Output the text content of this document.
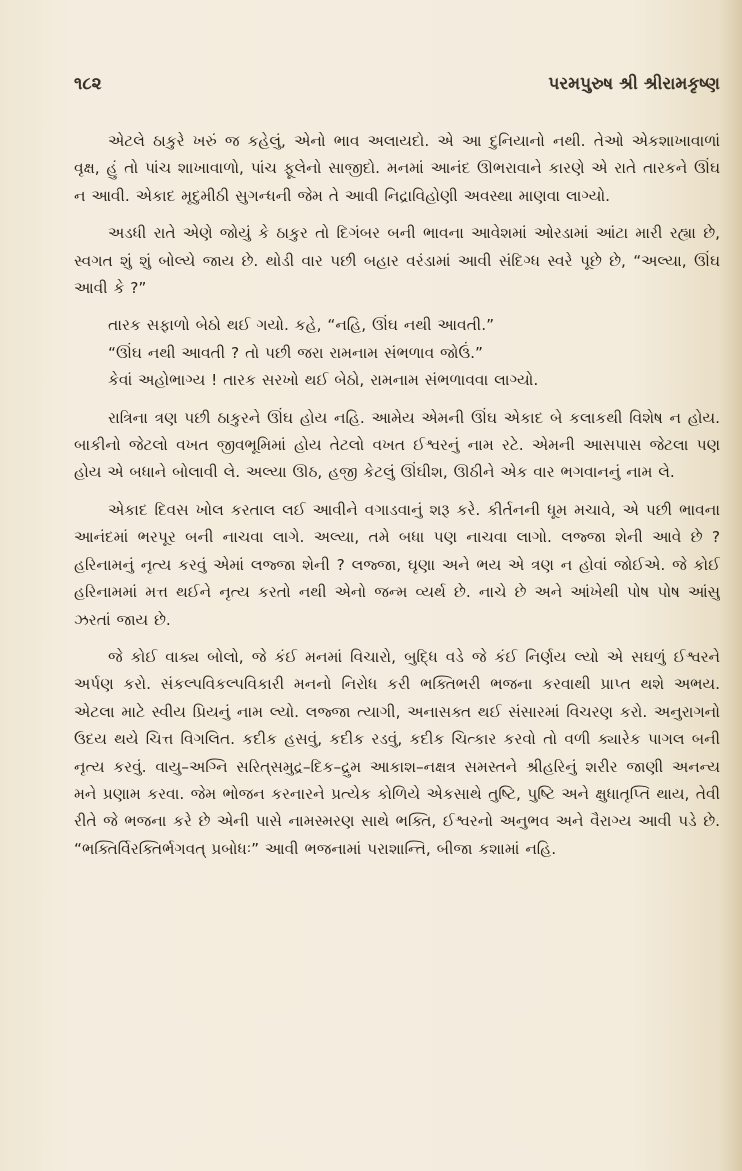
૧૮૨	પરમપુરુષ શ્રી શ્રીરામકૃષ્ણ

એટલે ઠાકુરે ખરું જ કહેલું, એનો ભાવ અલાયદો. એ આ દુનિયાનો નથી. તેઓ એકશાખાવાળાં વૃક્ષ, હું તો પાંચ શાખાવાળો, પાંચ ફૂલેનો સાજીદો. મનમાં આનંદ ઊભરાવાને કારણે એ રાતે તારકને ઊંઘ ન આવી. એકાદ મૃદુમીઠી સુગન્ધની જેમ તે આવી નિદ્રાવિહોણી અવસ્થા માણવા લાગ્યો.

અડધી રાતે એણે જોયું કે ઠાકુર તો દિગંબર બની ભાવના આવેશમાં ઓરડામાં આંટા મારી રહ્યા છે, સ્વગત શું શું બોલ્યે જાય છે. થોડી વાર પછી બહાર વરંડામાં આવી સંદિગ્ધ સ્વરે પૂછે છે, “અલ્યા, ઊંઘ આવી કે ?”

તારક સફાળો બેઠો થઈ ગયો. કહે, “નહિ, ઊંઘ નથી આવતી.”

“ઊંઘ નથી આવતી ? તો પછી જરા રામનામ સંભળાવ જોઉં.”

કેવાં અહોભાગ્ય ! તારક સરખો થઈ બેઠો, રામનામ સંભળાવવા લાગ્યો.

રાત્રિના ત્રણ પછી ઠાકુરને ઊંઘ હોય નહિ. આમેય એમની ઊંઘ એકાદ બે કલાકથી વિશેષ ન હોય. બાકીનો જેટલો વખત જીવભૂમિમાં હોય તેટલો વખત ઈશ્વરનું નામ રટે. એમની આસપાસ જેટલા પણ હોય એ બધાને બોલાવી લે. અલ્યા ઊઠ, હજી કેટલું ઊંઘીશ, ઊઠીને એક વાર ભગવાનનું નામ લે.

એકાદ દિવસ ખોલ કરતાલ લઈ આવીને વગાડવાનું શરૂ કરે. કીર્તનની ધૂમ મચાવે, એ પછી ભાવના આનંદમાં ભરપૂર બની નાચવા લાગે. અલ્યા, તમે બધા પણ નાચવા લાગો. લજ્જા શેની આવે છે ? હરિનામનું નૃત્ય કરવું એમાં લજ્જા શેની ? લજ્જા, ઘૃણા અને ભય એ ત્રણ ન હોવાં જોઈએ. જે કોઈ હરિનામમાં મત્ત થઈને નૃત્ય કરતો નથી એનો જન્મ વ્યર્થ છે. નાચે છે અને આંખેથી પોષ પોષ આંસુ ઝરતાં જાય છે.

જે કોઈ વાક્ય બોલો, જે કંઈ મનમાં વિચારો, બુદ્ધિ વડે જે કંઈ નિર્ણય લ્યો એ સઘળું ઈશ્વરને અર્પણ કરો. સંકલ્પવિકલ્પવિકારી મનનો નિરોધ કરી ભક્તિભરી ભજના કરવાથી પ્રાપ્ત થશે અભય. એટલા માટે સ્વીય પ્રિયનું નામ લ્યો. લજ્જા ત્યાગી, અનાસક્ત થઈ સંસારમાં વિચરણ કરો. અનુરાગનો ઉદય થયે ચિત્ત વિગલિત. કદીક હસવું, કદીક રડવું, કદીક ચિત્કાર કરવો તો વળી ક્યારેક પાગલ બની નૃત્ય કરવું. વાયુ–અગ્નિ સરિત્‌સમુદ્ર–દિક–દ્રુમ આકાશ–નક્ષત્ર સમસ્તને શ્રીહરિનું શરીર જાણી અનન્ય મને પ્રણામ કરવા. જેમ ભોજન કરનારને પ્રત્યેક કોળિયે એકસાથે તુષ્ટિ, પુષ્ટિ અને ક્ષુધાતૃપ્તિ થાય, તેવી રીતે જે ભજના કરે છે એની પાસે નામસ્મરણ સાથે ભક્તિ, ઈશ્વરનો અનુભવ અને વૈરાગ્ય આવી પડે છે. “ભક્તિર્વિરક્તિર્ભગવત્‌ પ્રબોધઃ” આવી ભજનામાં પરાશાન્તિ, બીજા કશામાં નહિ.
